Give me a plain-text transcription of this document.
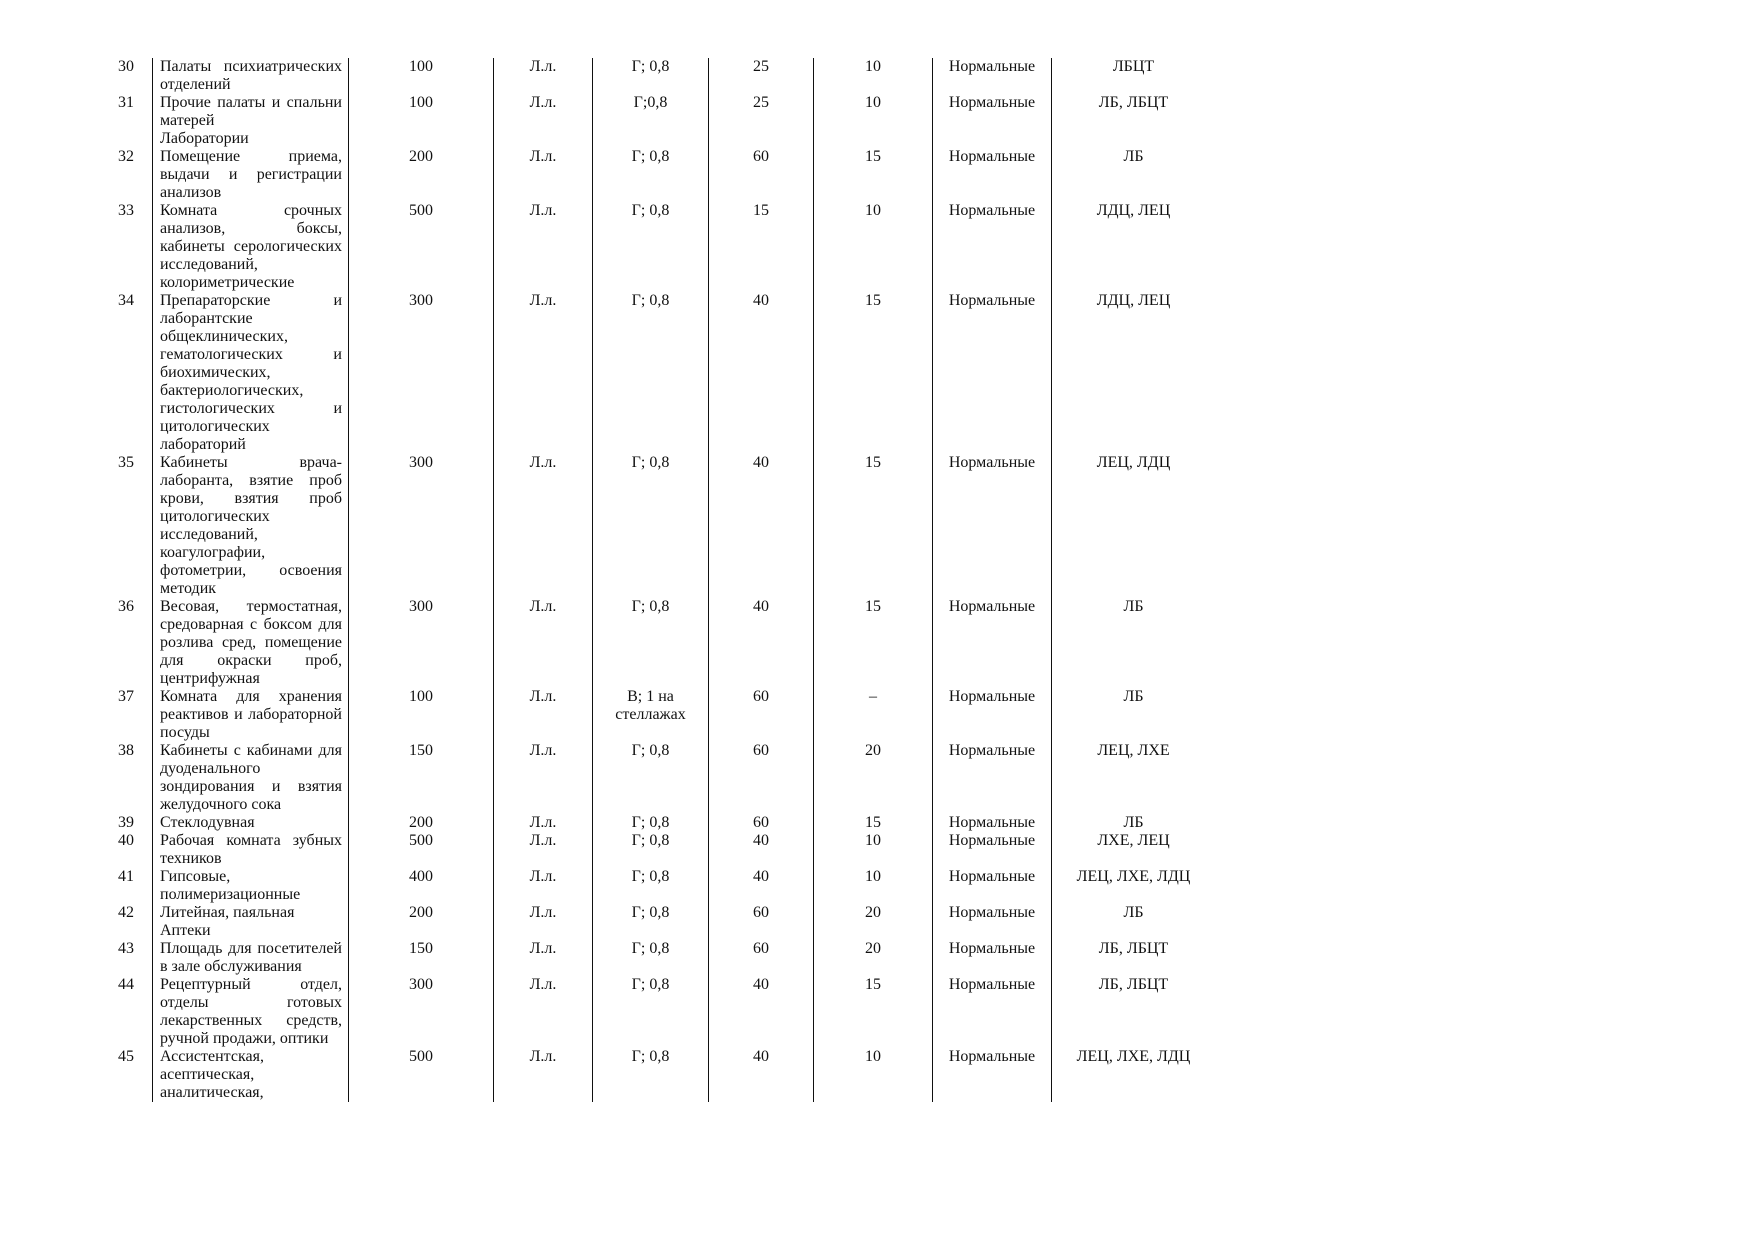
30	Палаты психиатрических отделений	100	Л.л.	Г; 0,8	25	10	Нормальные	ЛБЦТ
31	Прочие палаты и спальни матерей	100	Л.л.	Г;0,8	25	10	Нормальные	ЛБ, ЛБЦТ
	Лаборатории							
32	Помещение приема, выдачи и регистрации анализов	200	Л.л.	Г; 0,8	60	15	Нормальные	ЛБ
33	Комната срочных анализов, боксы, кабинеты серологических исследований, колориметрические	500	Л.л.	Г; 0,8	15	10	Нормальные	ЛДЦ, ЛЕЦ
34	Препараторские и лаборантские общеклинических, гематологических и биохимических, бактериологических, гистологических и цитологических лабораторий	300	Л.л.	Г; 0,8	40	15	Нормальные	ЛДЦ, ЛЕЦ
35	Кабинеты врача-лаборанта, взятие проб крови, взятия проб цитологических исследований, коагулографии, фотометрии, освоения методик	300	Л.л.	Г; 0,8	40	15	Нормальные	ЛЕЦ, ЛДЦ
36	Весовая, термостатная, средоварная с боксом для розлива сред, помещение для окраски проб, центрифужная	300	Л.л.	Г; 0,8	40	15	Нормальные	ЛБ
37	Комната для хранения реактивов и лабораторной посуды	100	Л.л.	В; 1 на стеллажах	60	–	Нормальные	ЛБ
38	Кабинеты с кабинами для дуоденального зондирования и взятия желудочного сока	150	Л.л.	Г; 0,8	60	20	Нормальные	ЛЕЦ, ЛХЕ
39	Стеклодувная	200	Л.л.	Г; 0,8	60	15	Нормальные	ЛБ
40	Рабочая комната зубных техников	500	Л.л.	Г; 0,8	40	10	Нормальные	ЛХЕ, ЛЕЦ
41	Гипсовые, полимеризационные	400	Л.л.	Г; 0,8	40	10	Нормальные	ЛЕЦ, ЛХЕ, ЛДЦ
42	Литейная, паяльная	200	Л.л.	Г; 0,8	60	20	Нормальные	ЛБ
	Аптеки							
43	Площадь для посетителей в зале обслуживания	150	Л.л.	Г; 0,8	60	20	Нормальные	ЛБ, ЛБЦТ
44	Рецептурный отдел, отделы готовых лекарственных средств, ручной продажи, оптики	300	Л.л.	Г; 0,8	40	15	Нормальные	ЛБ, ЛБЦТ
45	Ассистентская, асептическая, аналитическая,	500	Л.л.	Г; 0,8	40	10	Нормальные	ЛЕЦ, ЛХЕ, ЛДЦ
